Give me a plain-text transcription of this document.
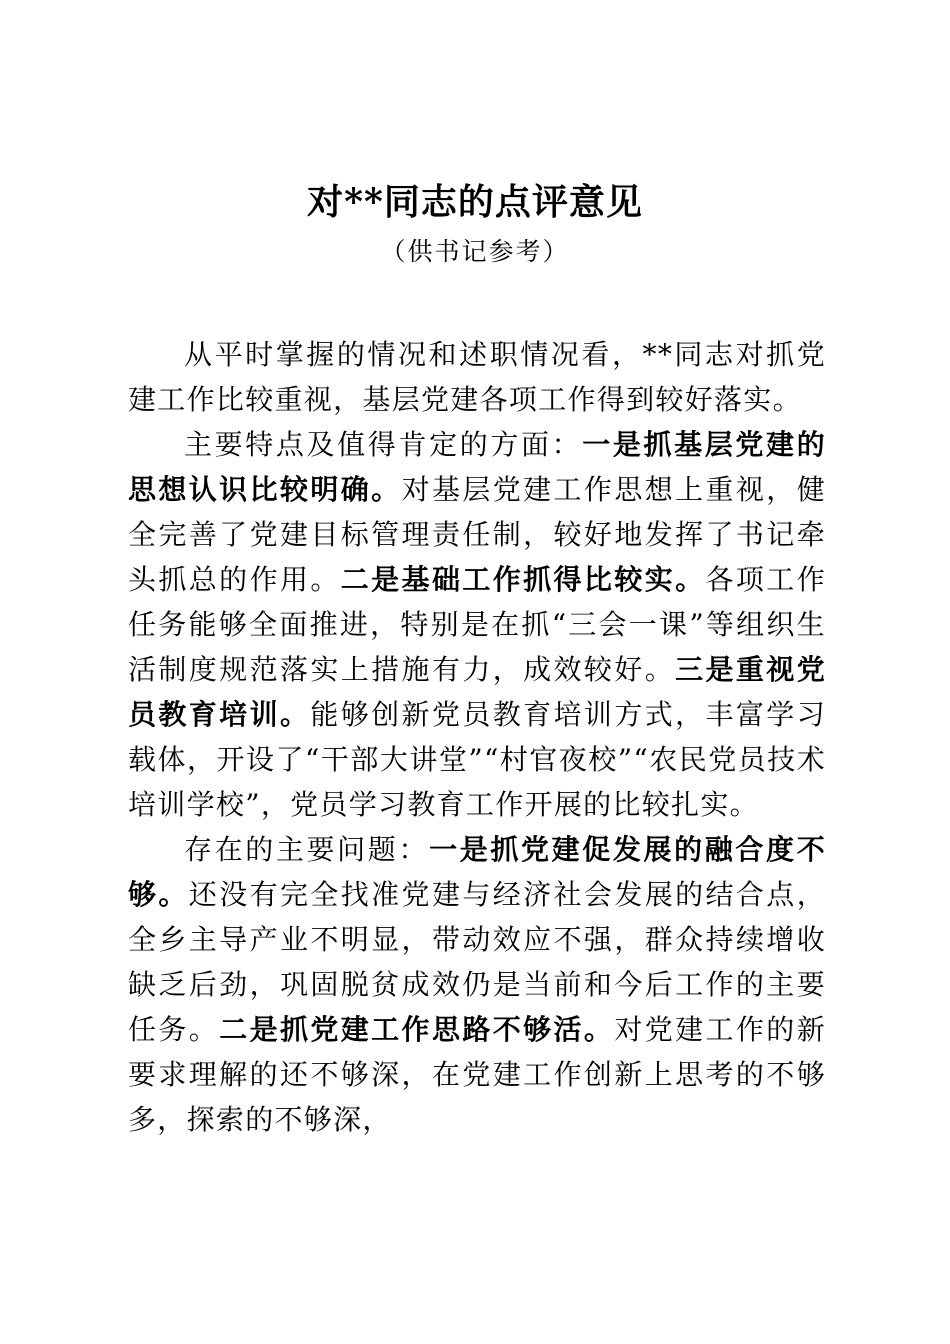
对**同志的点评意见
（供书记参考）

从平时掌握的情况和述职情况看，**同志对抓党建工作比较重视，基层党建各项工作得到较好落实。

主要特点及值得肯定的方面：一是抓基层党建的思想认识比较明确。对基层党建工作思想上重视，健全完善了党建目标管理责任制，较好地发挥了书记牵头抓总的作用。二是基础工作抓得比较实。各项工作任务能够全面推进，特别是在抓“三会一课”等组织生活制度规范落实上措施有力，成效较好。三是重视党员教育培训。能够创新党员教育培训方式，丰富学习载体，开设了“干部大讲堂”“村官夜校”“农民党员技术培训学校”，党员学习教育工作开展的比较扎实。

存在的主要问题：一是抓党建促发展的融合度不够。还没有完全找准党建与经济社会发展的结合点，全乡主导产业不明显，带动效应不强，群众持续增收缺乏后劲，巩固脱贫成效仍是当前和今后工作的主要任务。二是抓党建工作思路不够活。对党建工作的新要求理解的还不够深，在党建工作创新上思考的不够多，探索的不够深，
